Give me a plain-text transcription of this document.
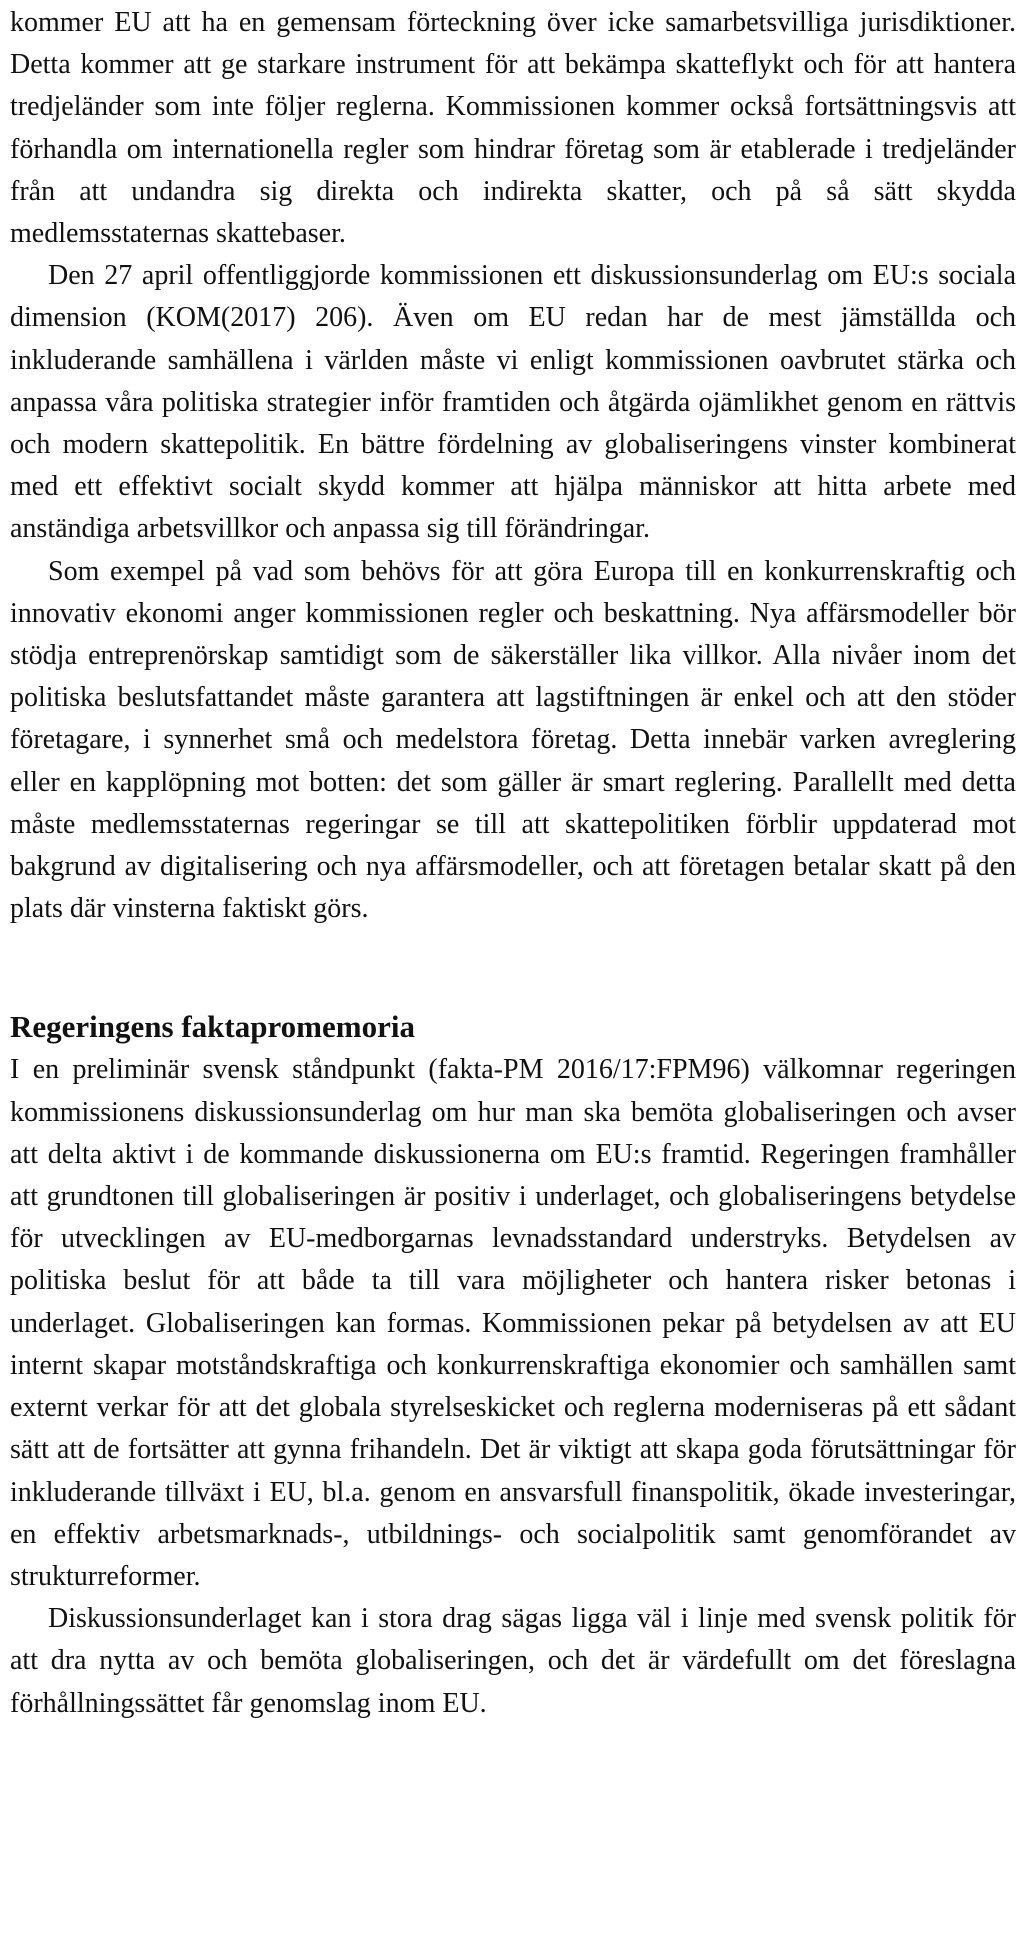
kommer EU att ha en gemensam förteckning över icke samarbetsvilliga jurisdiktioner. Detta kommer att ge starkare instrument för att bekämpa skatteflykt och för att hantera tredjeländer som inte följer reglerna. Kommissionen kommer också fortsättningsvis att förhandla om internationella regler som hindrar företag som är etablerade i tredjeländer från att undandra sig direkta och indirekta skatter, och på så sätt skydda medlemsstaternas skattebaser.

Den 27 april offentliggjorde kommissionen ett diskussionsunderlag om EU:s sociala dimension (KOM(2017) 206). Även om EU redan har de mest jämställda och inkluderande samhällena i världen måste vi enligt kommissionen oavbrutet stärka och anpassa våra politiska strategier inför framtiden och åtgärda ojämlikhet genom en rättvis och modern skattepolitik. En bättre fördelning av globaliseringens vinster kombinerat med ett effektivt socialt skydd kommer att hjälpa människor att hitta arbete med anständiga arbetsvillkor och anpassa sig till förändringar.

Som exempel på vad som behövs för att göra Europa till en konkurrenskraftig och innovativ ekonomi anger kommissionen regler och beskattning. Nya affärsmodeller bör stödja entreprenörskap samtidigt som de säkerställer lika villkor. Alla nivåer inom det politiska beslutsfattandet måste garantera att lagstiftningen är enkel och att den stöder företagare, i synnerhet små och medelstora företag. Detta innebär varken avreglering eller en kapplöpning mot botten: det som gäller är smart reglering. Parallellt med detta måste medlemsstaternas regeringar se till att skattepolitiken förblir uppdaterad mot bakgrund av digitalisering och nya affärsmodeller, och att företagen betalar skatt på den plats där vinsterna faktiskt görs.

Regeringens faktapromemoria

I en preliminär svensk ståndpunkt (fakta-PM 2016/17:FPM96) välkomnar regeringen kommissionens diskussionsunderlag om hur man ska bemöta globaliseringen och avser att delta aktivt i de kommande diskussionerna om EU:s framtid. Regeringen framhåller att grundtonen till globaliseringen är positiv i underlaget, och globaliseringens betydelse för utvecklingen av EU-medborgarnas levnadsstandard understryks. Betydelsen av politiska beslut för att både ta till vara möjligheter och hantera risker betonas i underlaget. Globaliseringen kan formas. Kommissionen pekar på betydelsen av att EU internt skapar motståndskraftiga och konkurrenskraftiga ekonomier och samhällen samt externt verkar för att det globala styrelseskicket och reglerna moderniseras på ett sådant sätt att de fortsätter att gynna frihandeln. Det är viktigt att skapa goda förutsättningar för inkluderande tillväxt i EU, bl.a. genom en ansvarsfull finanspolitik, ökade investeringar, en effektiv arbetsmarknads-, utbildnings- och socialpolitik samt genomförandet av strukturreformer.

Diskussionsunderlaget kan i stora drag sägas ligga väl i linje med svensk politik för att dra nytta av och bemöta globaliseringen, och det är värdefullt om det föreslagna förhållningssättet får genomslag inom EU.
